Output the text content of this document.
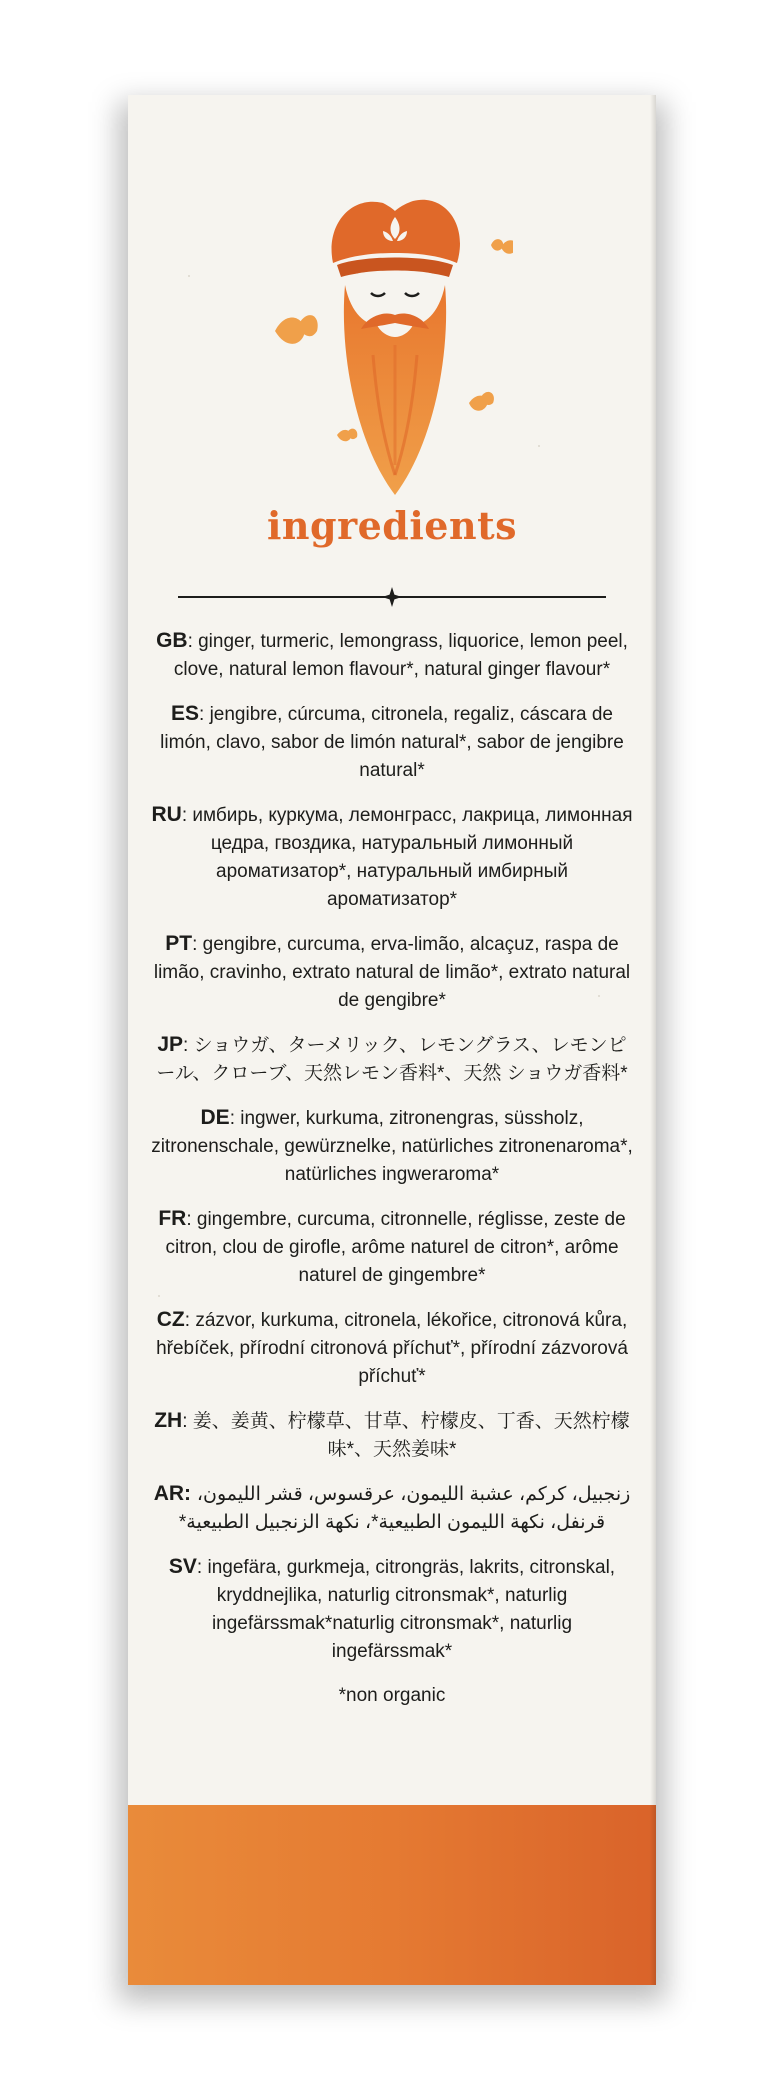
ingredients
GB: ginger, turmeric, lemongrass, liquorice, lemon peel, clove, natural lemon flavour*, natural ginger flavour*
ES: jengibre, cúrcuma, citronela, regaliz, cáscara de limón, clavo, sabor de limón natural*, sabor de jengibre natural*
RU: имбирь, куркума, лемонграсс, лакрица, лимонная цедра, гвоздика, натуральный лимонный ароматизатор*, натуральный имбирный ароматизатор*
PT: gengibre, curcuma, erva-limão, alcaçuz, raspa de limão, cravinho, extrato natural de limão*, extrato natural de gengibre*
JP: ショウガ、ターメリック、レモングラス、レモンピール、クローブ、天然レモン香料*、天然 ショウガ香料*
DE: ingwer, kurkuma, zitronengras, süssholz, zitronenschale, gewürznelke, natürliches zitronenaroma*, natürliches ingweraroma*
FR: gingembre, curcuma, citronnelle, réglisse, zeste de citron, clou de girofle, arôme naturel de citron*, arôme naturel de gingembre*
CZ: zázvor, kurkuma, citronela, lékořice, citronová kůra, hřebíček, přírodní citronová příchuť*, přírodní zázvorová příchuť*
ZH: 姜、姜黄、柠檬草、甘草、柠檬皮、丁香、天然柠檬味*、天然姜味*
AR: زنجبيل، كركم، عشبة الليمون، عرقسوس، قشر الليمون، قرنفل، نكهة الليمون الطبيعية*، نكهة الزنجبيل الطبيعية*
SV: ingefära, gurkmeja, citrongräs, lakrits, citronskal, kryddnejlika, naturlig citronsmak*, naturlig ingefärssmak*naturlig citronsmak*, naturlig ingefärssmak*
*non organic
